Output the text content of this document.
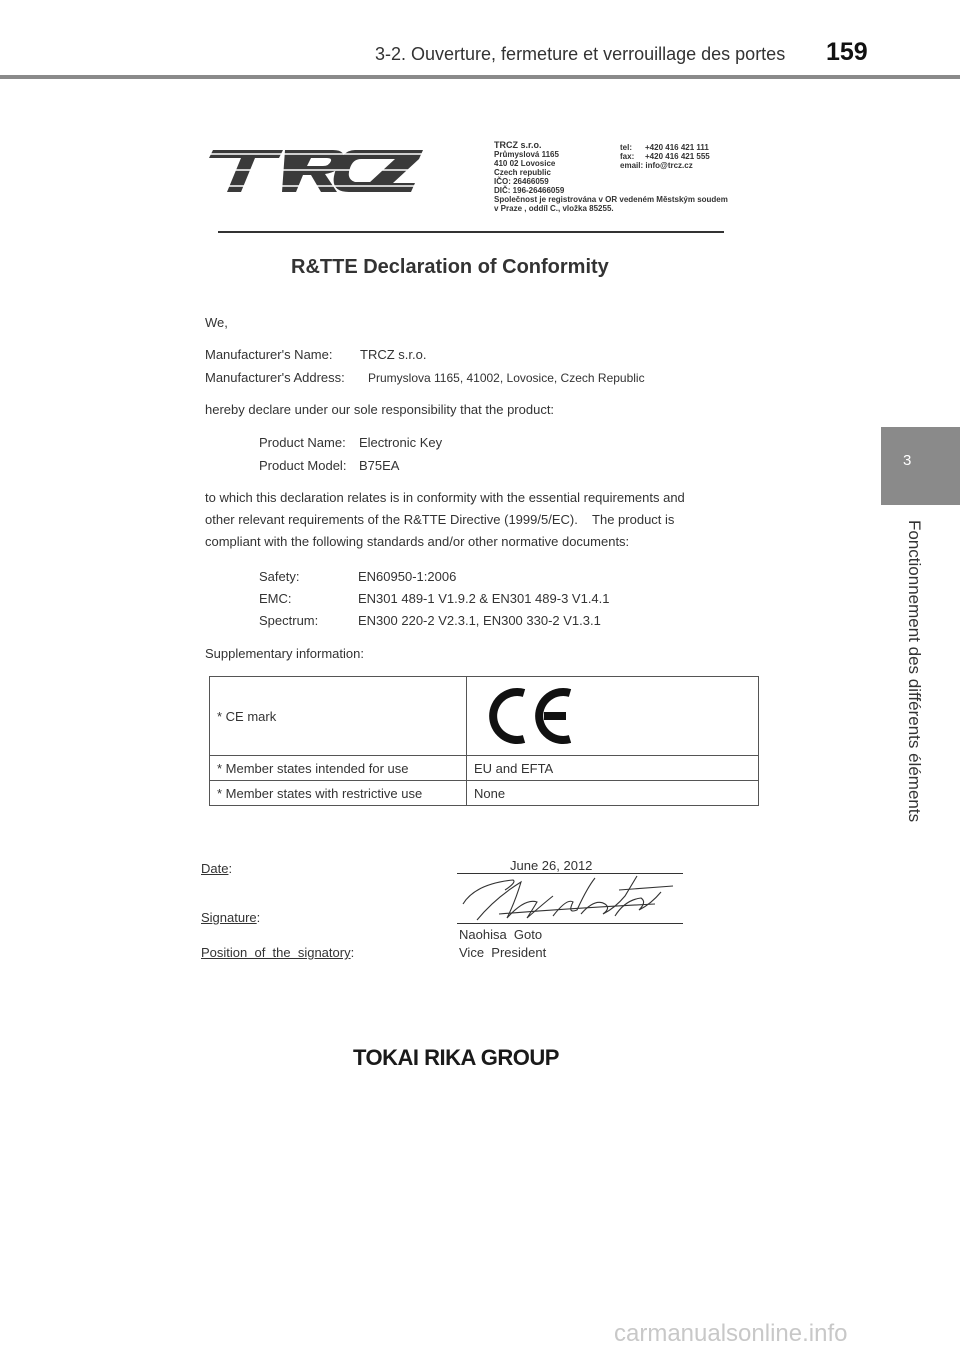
3-2. Ouverture, fermeture et verrouillage des portes 159
3
Fonctionnement des différents éléments
TRCZ s.r.o.
Průmyslová 1165
410 02 Lovosice
Czech republic
IČO: 26466059
DIČ: 196-26466059
Společnost je registrována v OR vedeném Městským soudem
v Praze , oddíl C., vložka 85255.
tel: +420 416 421 111
fax: +420 416 421 555
email: info@trcz.cz
R&TTE Declaration of Conformity
We,
Manufacturer's Name: TRCZ s.r.o.
Manufacturer's Address: Prumyslova 1165, 41002, Lovosice, Czech Republic
hereby declare under our sole responsibility that the product:
Product Name: Electronic Key
Product Model: B75EA
to which this declaration relates is in conformity with the essential requirements and
other relevant requirements of the R&TTE Directive (1999/5/EC).    The product is
compliant with the following standards and/or other normative documents:
Safety:	EN60950-1:2006
EMC:	EN301 489-1 V1.9.2 & EN301 489-3 V1.4.1
Spectrum:	EN300 220-2 V2.3.1, EN300 330-2 V1.3.1
Supplementary information:
* CE mark	

* Member states intended for use	EU and EFTA
* Member states with restrictive use	None
Date:	June 26, 2012
Signature:
Naohisa  Goto
Position  of  the  signatory:	Vice  President
TOKAI RIKA GROUP
carmanualsonline.info
